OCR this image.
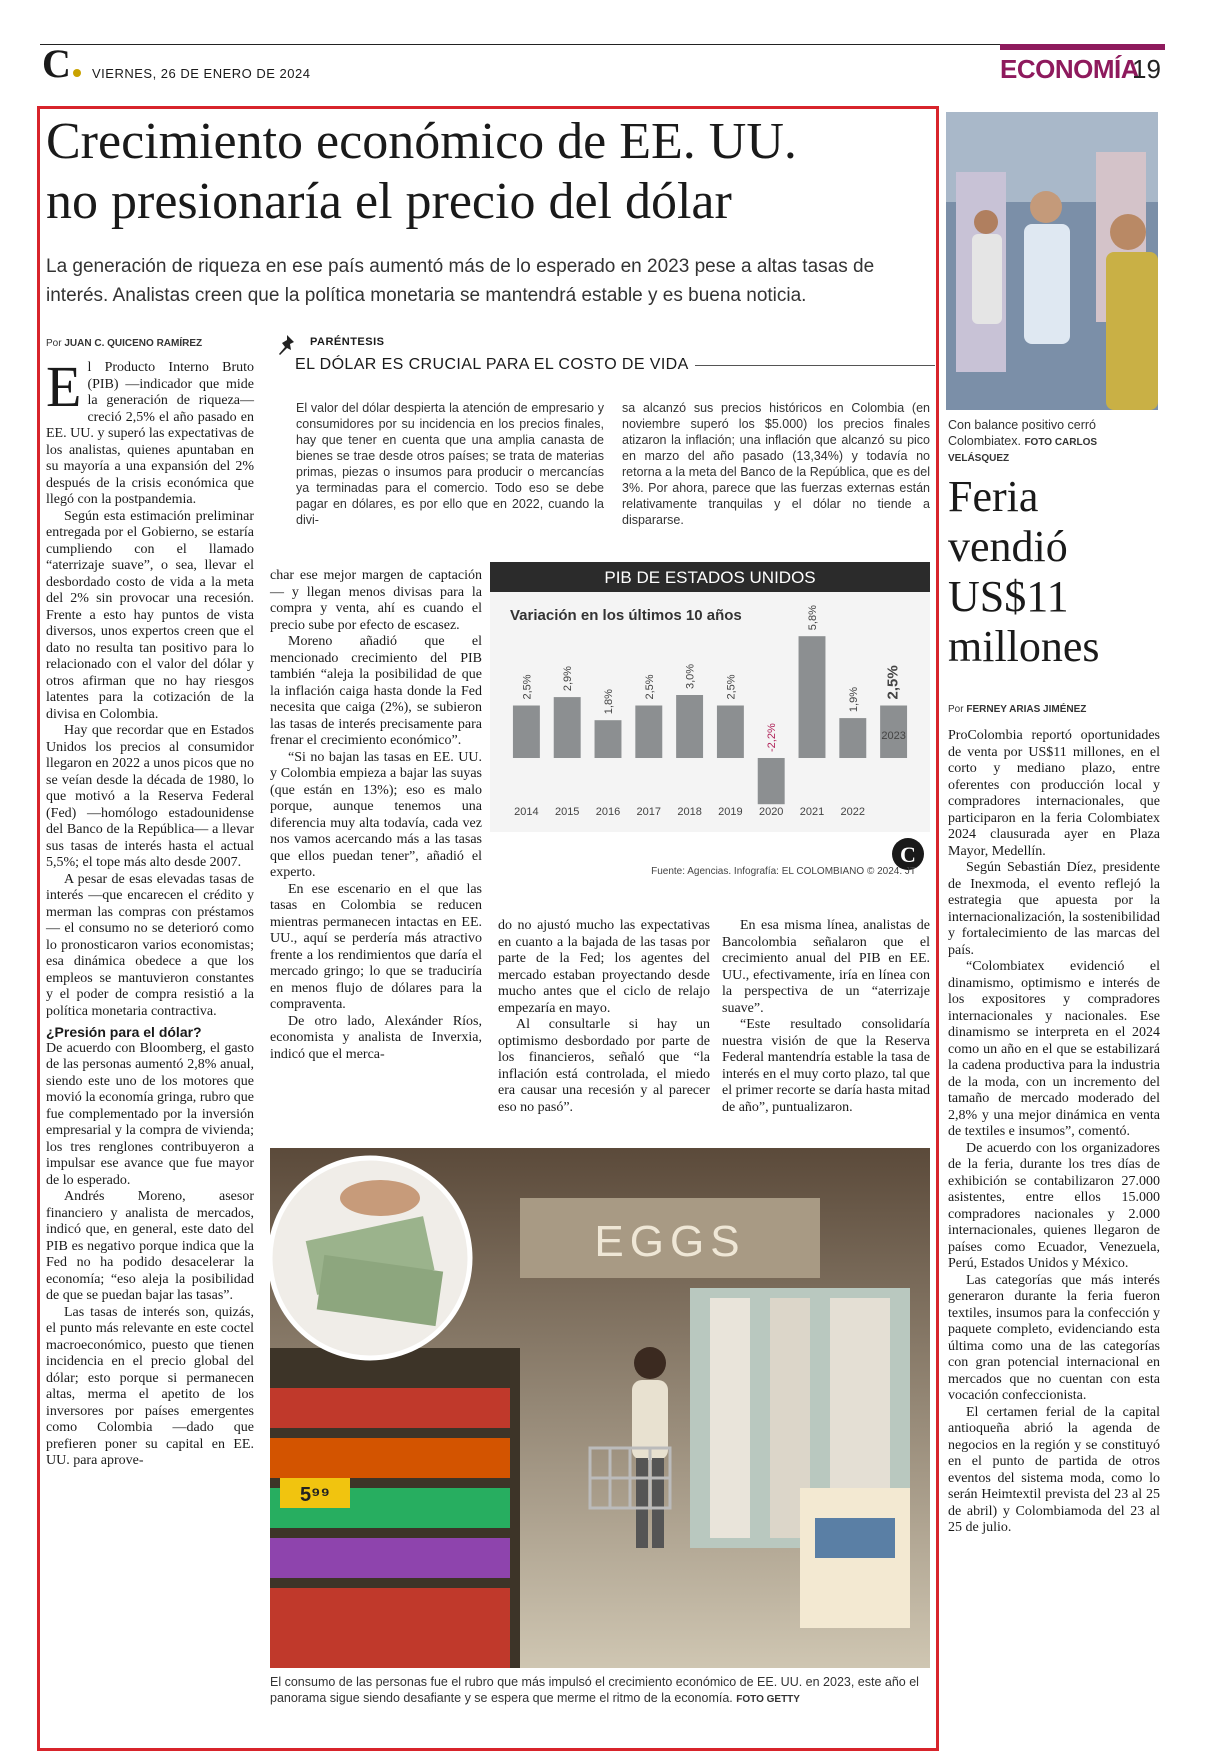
C	VIERNES, 26 DE ENERO DE 2024	ECONOMÍA
19
Crecimiento económico de EE. UU.
no presionaría el precio del dólar
La generación de riqueza en ese país aumentó más de lo esperado en 2023 pese a altas tasas de interés. Analistas creen que la política monetaria se mantendrá estable y es buena noticia.
Por JUAN C. QUICENO RAMÍREZ

El Producto Interno Bruto (PIB) —indicador que mide la generación de riqueza— creció 2,5% el año pasado en EE. UU. y superó las expectativas de los analistas, quienes apuntaban en su mayoría a una expansión del 2% después de la crisis económica que llegó con la postpandemia.

Según esta estimación preliminar entregada por el Gobierno, se estaría cumpliendo con el llamado “aterrizaje suave”, o sea, llevar el desbordado costo de vida a la meta del 2% sin provocar una recesión. Frente a esto hay puntos de vista diversos, unos expertos creen que el dato no resulta tan positivo para lo relacionado con el valor del dólar y otros afirman que no hay riesgos latentes para la cotización de la divisa en Colombia.

Hay que recordar que en Estados Unidos los precios al consumidor llegaron en 2022 a unos picos que no se veían desde la década de 1980, lo que motivó a la Reserva Federal (Fed) —homólogo estadounidense del Banco de la República— a llevar sus tasas de interés hasta el actual 5,5%; el tope más alto desde 2007.

A pesar de esas elevadas tasas de interés —que encarecen el crédito y merman las compras con préstamos— el consumo no se deterioró como lo pronosticaron varios economistas; esa dinámica obedece a que los empleos se mantuvieron constantes y el poder de compra resistió a la política monetaria contractiva.

¿Presión para el dólar?

De acuerdo con Bloomberg, el gasto de las personas aumentó 2,8% anual, siendo este uno de los motores que movió la economía gringa, rubro que fue complementado por la inversión empresarial y la compra de vivienda; los tres renglones contribuyeron a impulsar ese avance que fue mayor de lo esperado.

Andrés Moreno, asesor financiero y analista de mercados, indicó que, en general, este dato del PIB es negativo porque indica que la Fed no ha podido desacelerar la economía; “eso aleja la posibilidad de que se puedan bajar las tasas”.

Las tasas de interés son, quizás, el punto más relevante en este coctel macroeconómico, puesto que tienen incidencia en el precio global del dólar; esto porque si permanecen altas, merma el apetito de los inversores por países emergentes como Colombia —dado que prefieren poner su capital en EE. UU. para aprove-

PARÉNTESIS
EL DÓLAR ES CRUCIAL PARA EL COSTO DE VIDA
El valor del dólar despierta la atención de empresario y consumidores por su incidencia en los precios finales, hay que tener en cuenta que una amplia canasta de bienes se trae desde otros países; se trata de materias primas, piezas o insumos para producir o mercancías ya terminadas para el comercio. Todo eso se debe pagar en dólares, es por ello que en 2022, cuando la divi-
sa alcanzó sus precios históricos en Colombia (en noviembre superó los $5.000) los precios finales atizaron la inflación; una inflación que alcanzó su pico en marzo del año pasado (13,34%) y todavía no retorna a la meta del Banco de la República, que es del 3%. Por ahora, parece que las fuerzas externas están relativamente tranquilas y el dólar no tiende a dispararse.

char ese mejor margen de captación— y llegan menos divisas para la compra y venta, ahí es cuando el precio sube por efecto de escasez.

Moreno añadió que el mencionado crecimiento del PIB también “aleja la posibilidad de que la inflación caiga hasta donde la Fed necesita que caiga (2%), se subieron las tasas de interés precisamente para frenar el crecimiento económico”.

“Si no bajan las tasas en EE. UU. y Colombia empieza a bajar las suyas (que están en 13%); eso es malo porque, aunque tenemos una diferencia muy alta todavía, cada vez nos vamos acercando más a las tasas que ellos puedan tener”, añadió el experto.

En ese escenario en el que las tasas en Colombia se reducen mientras permanecen intactas en EE. UU., aquí se perdería más atractivo frente a los rendimientos que daría el mercado gringo; lo que se traduciría en menos flujo de dólares para la compraventa.

De otro lado, Alexánder Ríos, economista y analista de Inverxia, indicó que el merca-

PIB DE ESTADOS UNIDOS
Variación en los últimos 10 años
2,5%
2014
2,9%
2015
1,8%
2016
2,5%
2017
3,0%
2018
2,5%
2019
-2,2%
2020
5,8%
2021
1,9%
2022
2,5%
2023
C
Fuente: Agencias. Infografía: EL COLOMBIANO © 2024. JT

do no ajustó mucho las expectativas en cuanto a la bajada de las tasas por parte de la Fed; los agentes del mercado estaban proyectando desde mucho antes que el ciclo de relajo empezaría en mayo.

Al consultarle si hay un optimismo desbordado por parte de los financieros, señaló que “la inflación está controlada, el miedo era causar una recesión y al parecer eso no pasó”.

En esa misma línea, analistas de Bancolombia señalaron que el crecimiento anual del PIB en EE. UU., efectivamente, iría en línea con la perspectiva de un “aterrizaje suave”.

“Este resultado consolidaría nuestra visión de que la Reserva Federal mantendría estable la tasa de interés en el muy corto plazo, tal que el primer recorte se daría hasta mitad de año”, puntualizaron.

EGGS
5⁹⁹
El consumo de las personas fue el rubro que más impulsó el crecimiento económico de EE. UU. en 2023, este año el panorama sigue siendo desafiante y se espera que merme el ritmo de la economía. FOTO GETTY
Con balance positivo cerró Colombiatex. FOTO CARLOS VELÁSQUEZ
Feria
vendió
US$11
millones
Por FERNEY ARIAS JIMÉNEZ

ProColombia reportó oportunidades de venta por US$11 millones, en el corto y mediano plazo, entre oferentes con producción local y compradores internacionales, que participaron en la feria Colombiatex 2024 clausurada ayer en Plaza Mayor, Medellín.

Según Sebastián Díez, presidente de Inexmoda, el evento reflejó la estrategia que apuesta por la internacionalización, la sostenibilidad y fortalecimiento de las marcas del país.

“Colombiatex evidenció el dinamismo, optimismo e interés de los expositores y compradores internacionales y nacionales. Ese dinamismo se interpreta en el 2024 como un año en el que se estabilizará la cadena productiva para la industria de la moda, con un incremento del tamaño de mercado moderado del 2,8% y una mejor dinámica en venta de textiles e insumos”, comentó.

De acuerdo con los organizadores de la feria, durante los tres días de exhibición se contabilizaron 27.000 asistentes, entre ellos 15.000 compradores nacionales y 2.000 internacionales, quienes llegaron de países como Ecuador, Venezuela, Perú, Estados Unidos y México.

Las categorías que más interés generaron durante la feria fueron textiles, insumos para la confección y paquete completo, evidenciando esta última como una de las categorías con gran potencial internacional en mercados que no cuentan con esta vocación confeccionista.

El certamen ferial de la capital antioqueña abrió la agenda de negocios en la región y se constituyó en el punto de partida de otros eventos del sistema moda, como lo serán Heimtextil prevista del 23 al 25 de abril) y Colombiamoda del 23 al 25 de julio.
